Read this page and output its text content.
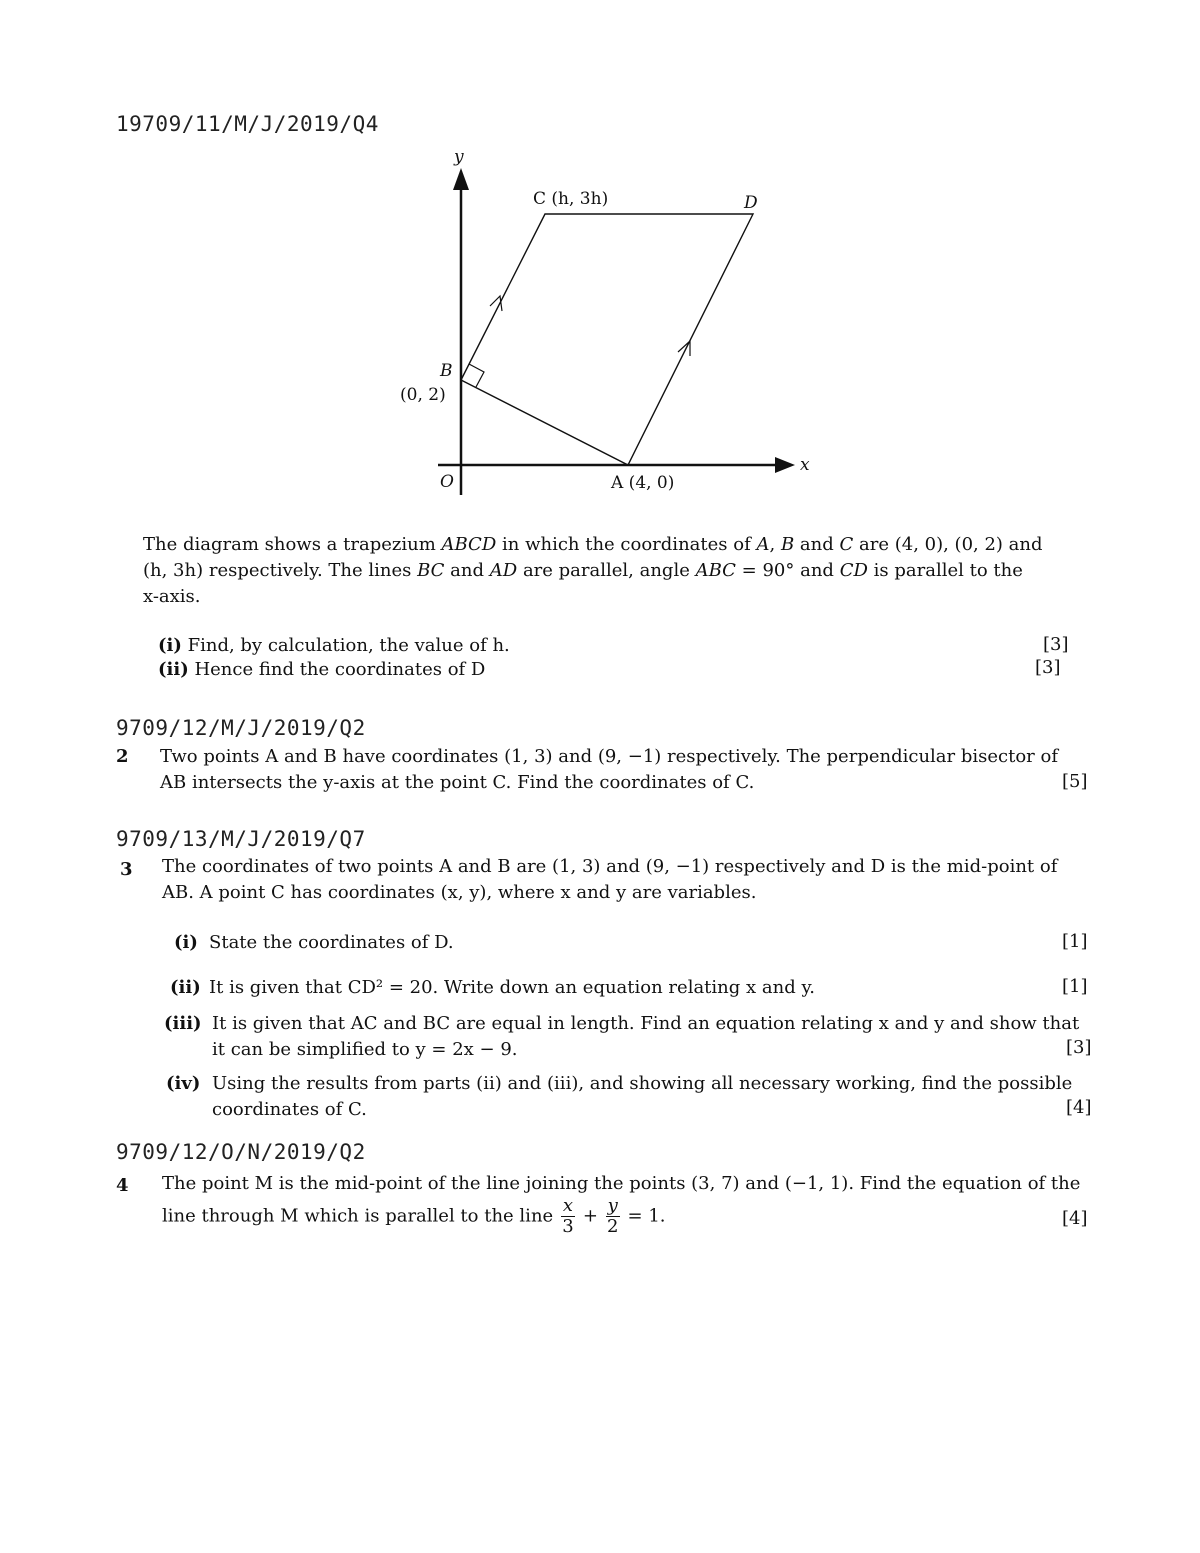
19709/11/M/J/2019/Q4
y
x
O
C (h, 3h)	D
B
(0, 2)
A (4, 0)
The diagram shows a trapezium ABCD in which the coordinates of A, B and C are (4, 0), (0, 2) and
(h, 3h) respectively. The lines BC and AD are parallel, angle ABC = 90° and CD is parallel to the
x-axis.
(i) Find, by calculation, the value of h.	[3]
(ii) Hence find the coordinates of D	[3]
9709/12/M/J/2019/Q2
2 Two points A and B have coordinates (1, 3) and (9, −1) respectively. The perpendicular bisector of
AB intersects the y-axis at the point C. Find the coordinates of C.	[5]
9709/13/M/J/2019/Q7
3 The coordinates of two points A and B are (1, 3) and (9, −1) respectively and D is the mid-point of
AB. A point C has coordinates (x, y), where x and y are variables.
(i) State the coordinates of D.	[1]
(ii) It is given that CD² = 20. Write down an equation relating x and y.	[1]
(iii) It is given that AC and BC are equal in length. Find an equation relating x and y and show that
it can be simplified to y = 2x − 9.	[3]
(iv) Using the results from parts (ii) and (iii), and showing all necessary working, find the possible
coordinates of C.	[4]
9709/12/O/N/2019/Q2
4 The point M is the mid-point of the line joining the points (3, 7) and (−1, 1). Find the equation of the
line through M which is parallel to the line $\frac{x}{3} + \frac{y}{2} = 1$.	[4]
